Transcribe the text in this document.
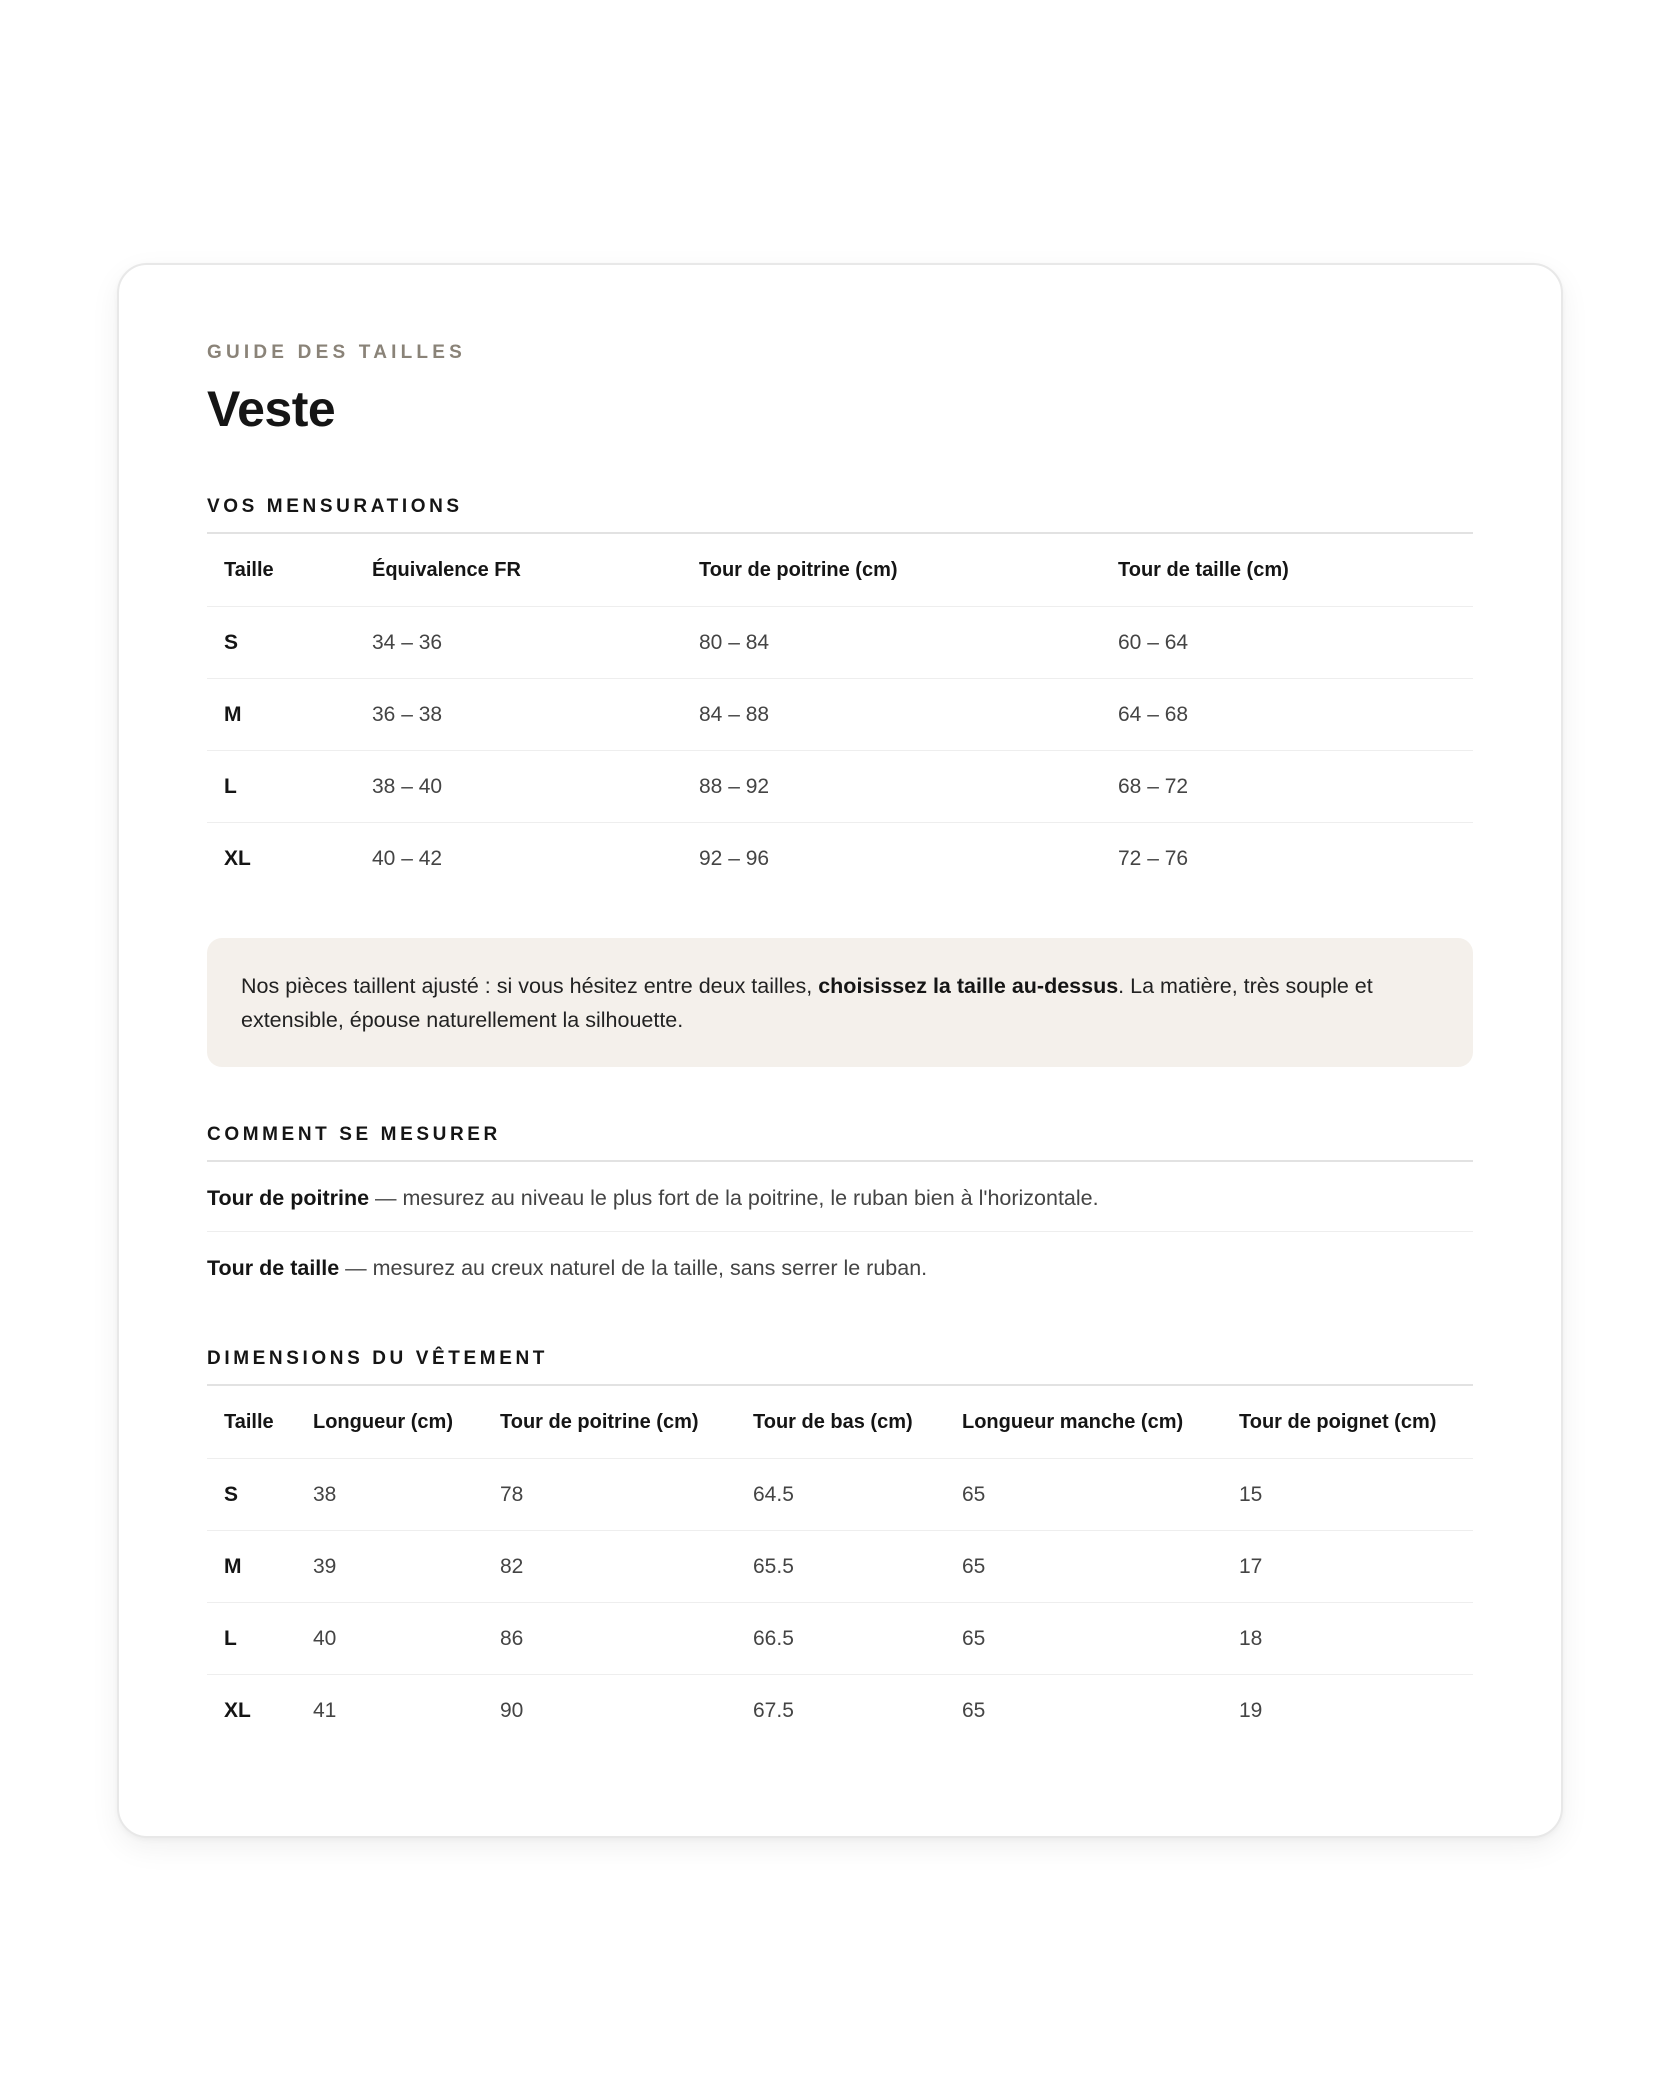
GUIDE DES TAILLES

Veste
VOS MENSURATIONS
Taille	Équivalence FR	Tour de poitrine (cm)	Tour de taille (cm)
S	34 – 36	80 – 84	60 – 64
M	36 – 38	84 – 88	64 – 68
L	38 – 40	88 – 92	68 – 72
XL	40 – 42	92 – 96	72 – 76
Nos pièces taillent ajusté : si vous hésitez entre deux tailles, choisissez la taille au-dessus. La matière, très souple et extensible, épouse naturellement la silhouette.
COMMENT SE MESURER
Tour de poitrine — mesurez au niveau le plus fort de la poitrine, le ruban bien à l'horizontale.
Tour de taille — mesurez au creux naturel de la taille, sans serrer le ruban.
DIMENSIONS DU VÊTEMENT
Taille	Longueur (cm)	Tour de poitrine (cm)	Tour de bas (cm)	Longueur manche (cm)	Tour de poignet (cm)
S	38	78	64.5	65	15
M	39	82	65.5	65	17
L	40	86	66.5	65	18
XL	41	90	67.5	65	19
